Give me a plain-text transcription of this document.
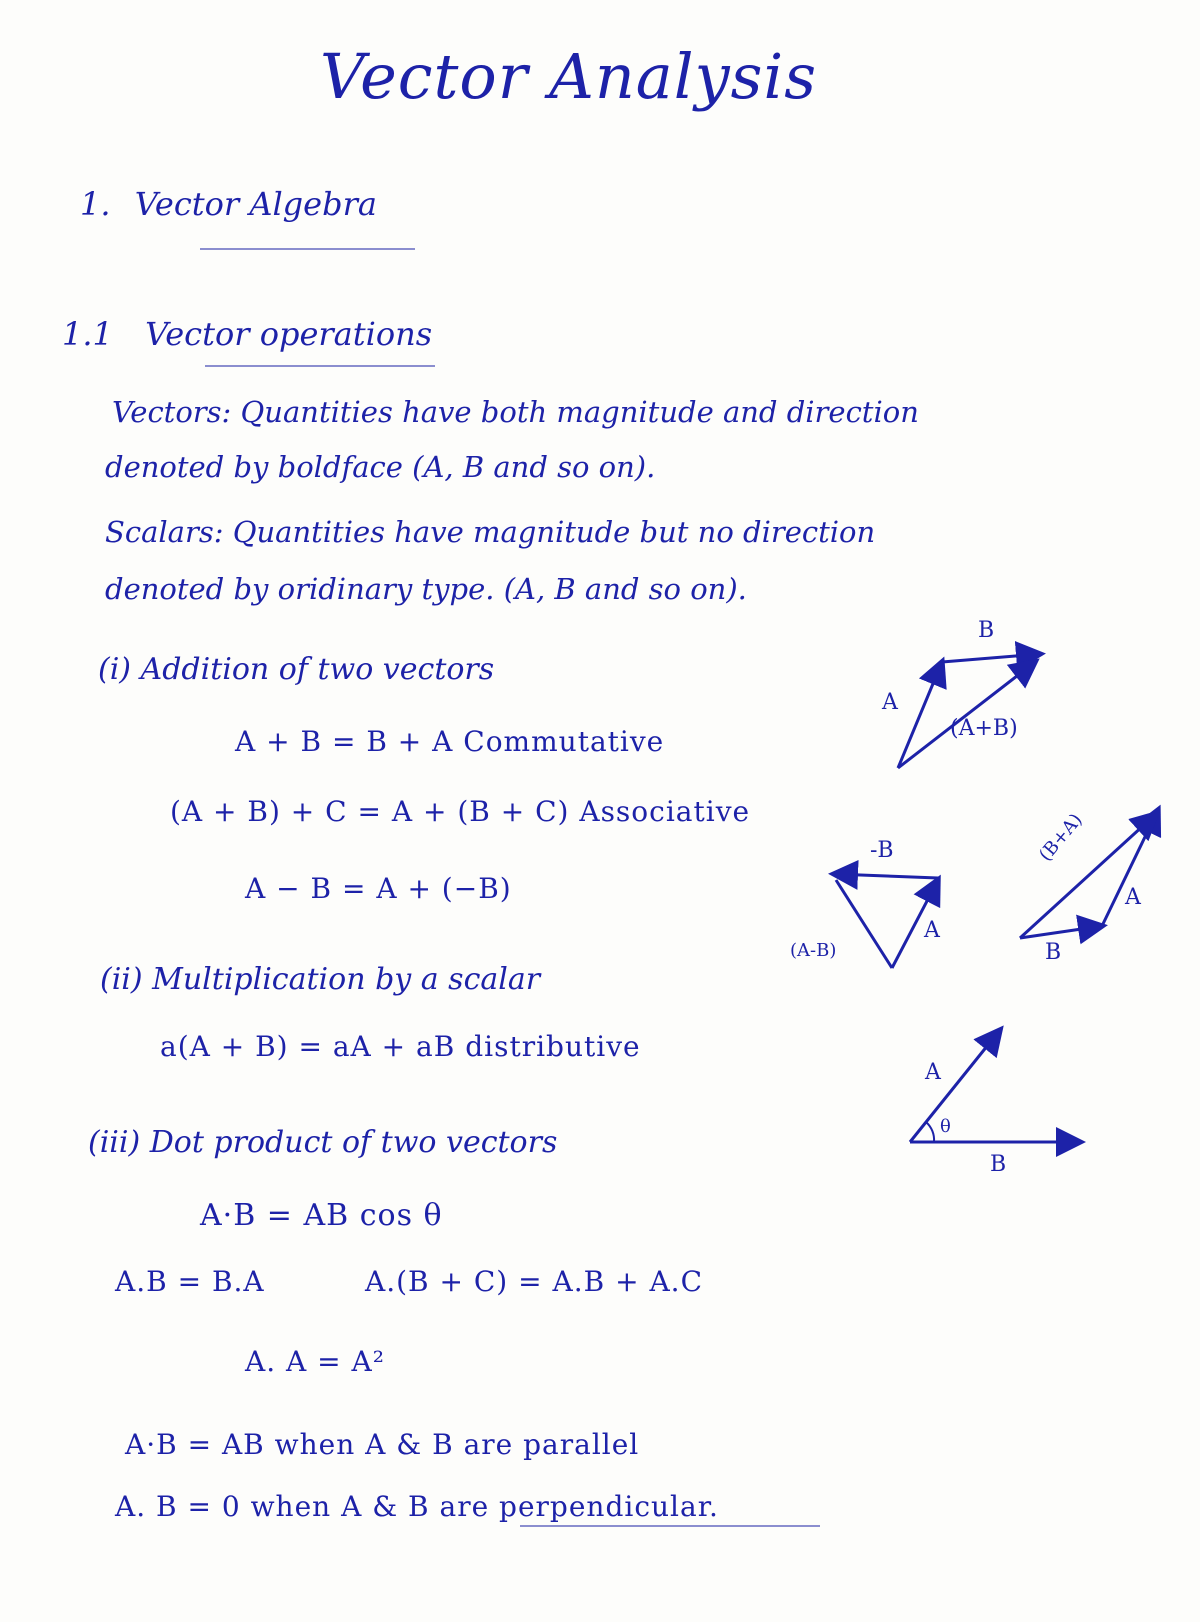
Vector Analysis
1. Vector Algebra
1.1 Vector operations
Vectors: Quantities have both magnitude and direction
denoted by boldface (A, B and so on).
Scalars: Quantities have magnitude but no direction
denoted by oridinary type. (A, B and so on).
(i) Addition of two vectors
A + B = B + A Commutative
(A + B) + C = A + (B + C) Associative
A − B = A + (−B)
(ii) Multiplication by a scalar
a(A + B) = aA + aB distributive
(iii) Dot product of two vectors
A·B = AB cos θ
A.B = B.A	A.(B + C) = A.B + A.C
A. A = A²
A·B = AB when A & B are parallel
A. B = 0 when A & B are perpendicular.
B
A
(A+B)
-B
A
(A-B)
(B+A)
A
B
A
θ
B
